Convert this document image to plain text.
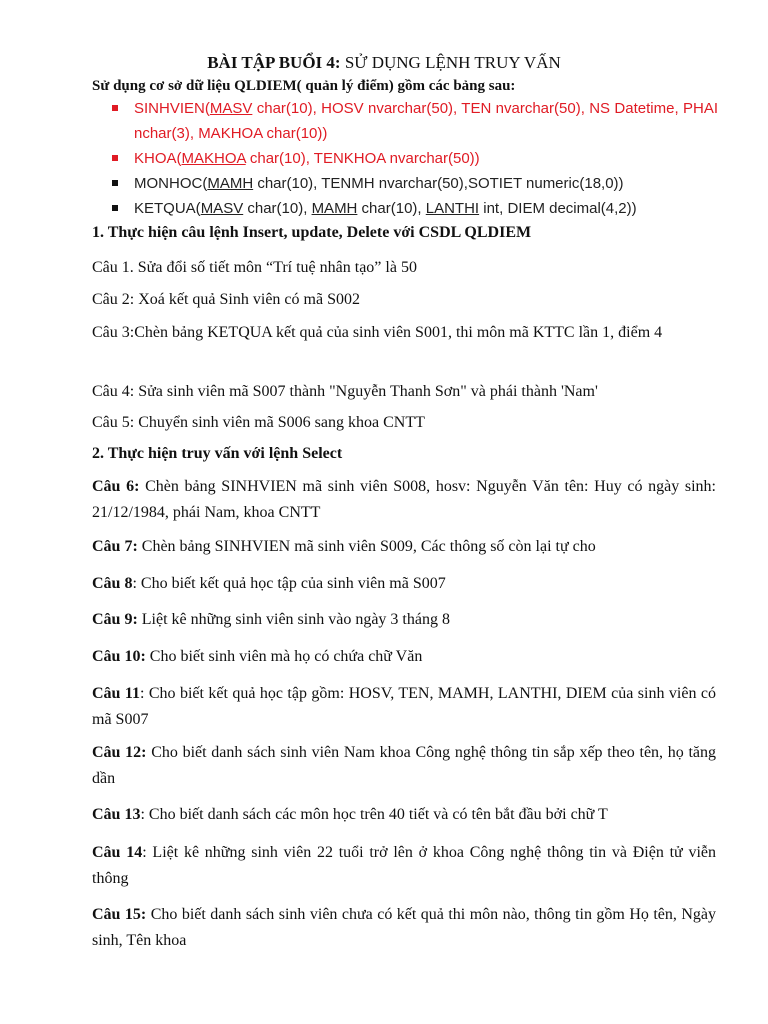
BÀI TẬP BUỔI 4: SỬ DỤNG LỆNH TRUY VẤN
Sử dụng cơ sở dữ liệu QLDIEM( quản lý điểm) gồm các bảng sau:

SINHVIEN(MASV char(10), HOSV nvarchar(50), TEN nvarchar(50), NS Datetime, PHAI nchar(3), MAKHOA char(10))

KHOA(MAKHOA char(10), TENKHOA nvarchar(50))

MONHOC(MAMH char(10), TENMH nvarchar(50),SOTIET numeric(18,0))

KETQUA(MASV char(10), MAMH char(10), LANTHI int, DIEM decimal(4,2))

1. Thực hiện câu lệnh Insert, update, Delete với CSDL QLDIEM
Câu 1. Sửa đổi số tiết môn “Trí tuệ nhân tạo” là 50
Câu 2: Xoá kết quả Sinh viên có mã S002
Câu 3:Chèn bảng KETQUA kết quả của sinh viên S001, thi môn mã KTTC lần 1, điểm 4
Câu 4: Sửa sinh viên mã S007 thành "Nguyễn Thanh Sơn" và phái thành 'Nam'
Câu 5: Chuyển sinh viên mã S006 sang khoa CNTT
2. Thực hiện truy vấn với lệnh Select
Câu 6: Chèn bảng SINHVIEN mã sinh viên S008, hosv: Nguyễn Văn tên: Huy có ngày sinh: 21/12/1984, phái Nam, khoa CNTT
Câu 7: Chèn bảng SINHVIEN mã sinh viên S009, Các thông số còn lại tự cho
Câu 8: Cho biết kết quả học tập của sinh viên mã S007
Câu 9: Liệt kê những sinh viên sinh vào ngày 3 tháng 8
Câu 10: Cho biết sinh viên mà họ có chứa chữ Văn
Câu 11: Cho biết kết quả học tập gồm: HOSV, TEN, MAMH, LANTHI, DIEM của sinh viên có mã S007
Câu 12: Cho biết danh sách sinh viên Nam khoa Công nghệ thông tin sắp xếp theo tên, họ tăng dần
Câu 13: Cho biết danh sách các môn học trên 40 tiết và có tên bắt đầu bởi chữ T
Câu 14: Liệt kê những sinh viên 22 tuổi trở lên ở khoa Công nghệ thông tin và Điện tử viễn thông
Câu 15: Cho biết danh sách sinh viên chưa có kết quả thi môn nào, thông tin gồm Họ tên, Ngày sinh, Tên khoa
